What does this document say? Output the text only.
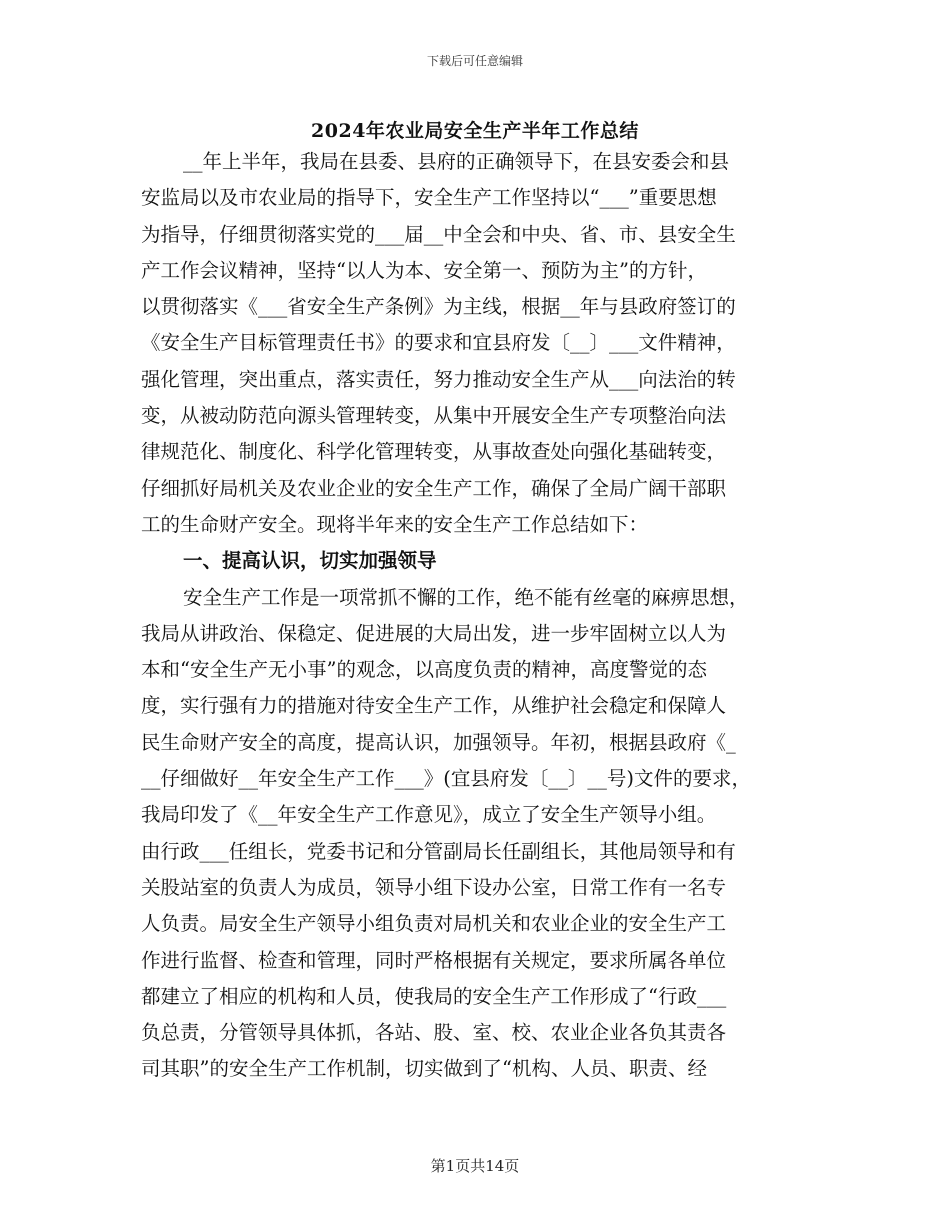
下载后可任意编辑
2024年农业局安全生产半年工作总结
__年上半年，我局在县委、县府的正确领导下，在县安委会和县
安监局以及市农业局的指导下，安全生产工作坚持以“___”重要思想
为指导，仔细贯彻落实党的___届__中全会和中央、省、市、县安全生
产工作会议精神，坚持“以人为本、安全第一、预防为主”的方针，
以贯彻落实《___省安全生产条例》为主线，根据__年与县政府签订的
《安全生产目标管理责任书》的要求和宜县府发〔__〕___文件精神，
强化管理，突出重点，落实责任，努力推动安全生产从___向法治的转
变，从被动防范向源头管理转变，从集中开展安全生产专项整治向法
律规范化、制度化、科学化管理转变，从事故查处向强化基础转变，
仔细抓好局机关及农业企业的安全生产工作，确保了全局广阔干部职
工的生命财产安全。现将半年来的安全生产工作总结如下：
一、提高认识，切实加强领导
安全生产工作是一项常抓不懈的工作，绝不能有丝毫的麻痹思想，
我局从讲政治、保稳定、促进展的大局出发，进一步牢固树立以人为
本和“安全生产无小事”的观念，以高度负责的精神，高度警觉的态
度，实行强有力的措施对待安全生产工作，从维护社会稳定和保障人
民生命财产安全的高度，提高认识，加强领导。年初，根据县政府《_
__仔细做好__年安全生产工作___》(宜县府发〔__〕__号)文件的要求，
我局印发了《__年安全生产工作意见》，成立了安全生产领导小组。
由行政___任组长，党委书记和分管副局长任副组长，其他局领导和有
关股站室的负责人为成员，领导小组下设办公室，日常工作有一名专
人负责。局安全生产领导小组负责对局机关和农业企业的安全生产工
作进行监督、检查和管理，同时严格根据有关规定，要求所属各单位
都建立了相应的机构和人员，使我局的安全生产工作形成了“行政___
负总责，分管领导具体抓，各站、股、室、校、农业企业各负其责各
司其职”的安全生产工作机制，切实做到了“机构、人员、职责、经
第1页共14页
